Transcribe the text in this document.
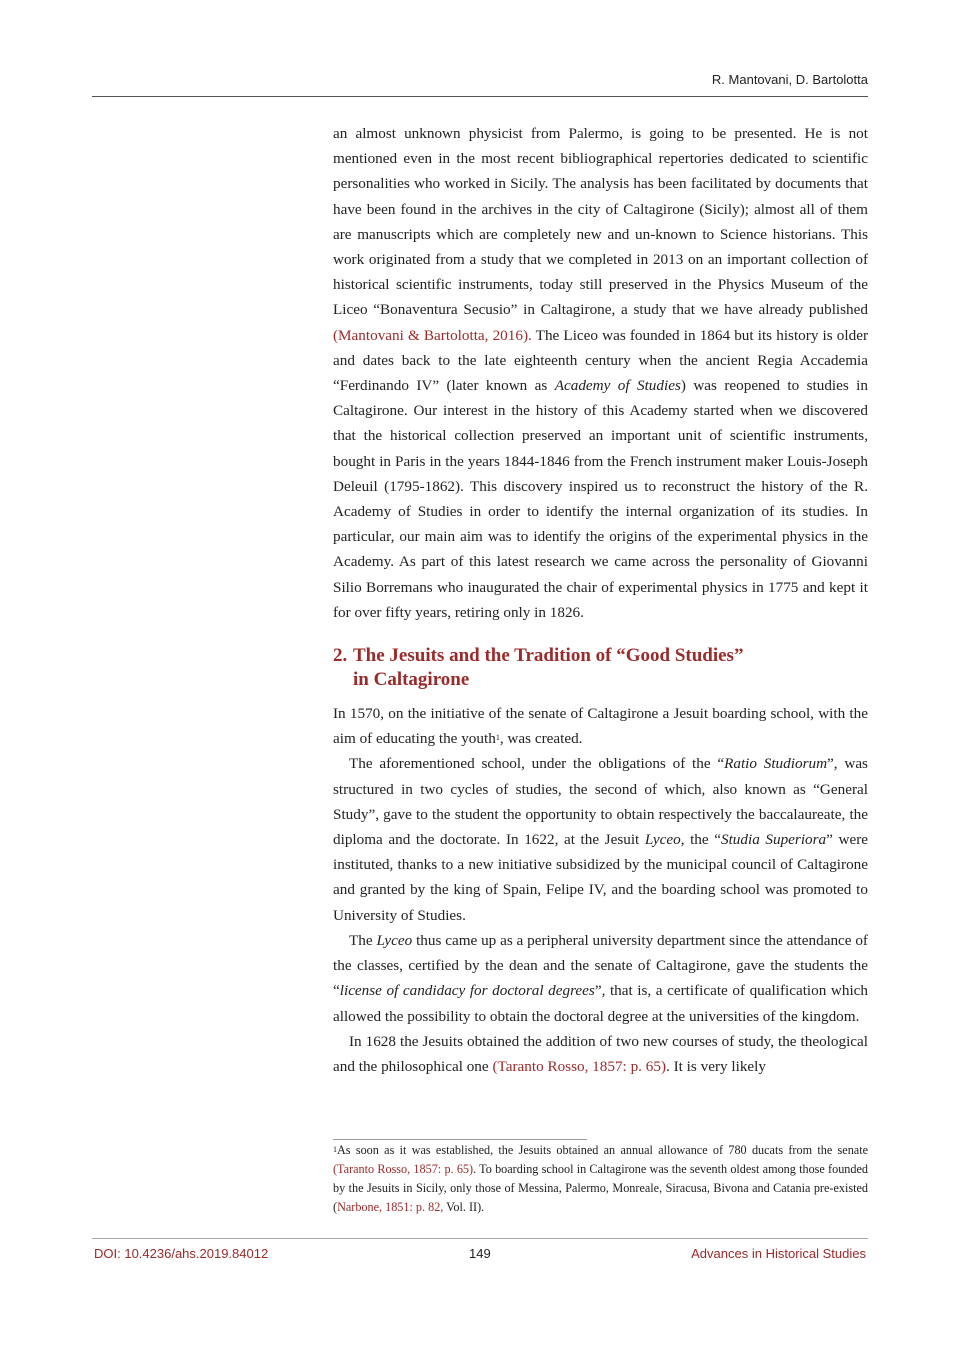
R. Mantovani, D. Bartolotta

an almost unknown physicist from Palermo, is going to be presented. He is not mentioned even in the most recent bibliographical repertories dedicated to scientific personalities who worked in Sicily. The analysis has been facilitated by documents that have been found in the archives in the city of Caltagirone (Sicily); almost all of them are manuscripts which are completely new and un-known to Science historians. This work originated from a study that we completed in 2013 on an important collection of historical scientific instruments, today still preserved in the Physics Museum of the Liceo “Bonaventura Secusio” in Caltagirone, a study that we have already published (Mantovani & Bartolotta, 2016). The Liceo was founded in 1864 but its history is older and dates back to the late eighteenth century when the ancient Regia Accademia “Ferdinando IV” (later known as Academy of Studies) was reopened to studies in Caltagirone. Our interest in the history of this Academy started when we discovered that the historical collection preserved an important unit of scientific instruments, bought in Paris in the years 1844-1846 from the French instrument maker Louis-Joseph Deleuil (1795-1862). This discovery inspired us to reconstruct the history of the R. Academy of Studies in order to identify the internal organization of its studies. In particular, our main aim was to identify the origins of the experimental physics in the Academy. As part of this latest research we came across the personality of Giovanni Silio Borremans who inaugurated the chair of experimental physics in 1775 and kept it for over fifty years, retiring only in 1826.

2. The Jesuits and the Tradition of “Good Studies”
in Caltagirone

In 1570, on the initiative of the senate of Caltagirone a Jesuit boarding school, with the aim of educating the youth$^1$, was created.

The aforementioned school, under the obligations of the “Ratio Studiorum”, was structured in two cycles of studies, the second of which, also known as “General Study”, gave to the student the opportunity to obtain respectively the baccalaureate, the diploma and the doctorate. In 1622, at the Jesuit Lyceo, the “Studia Superiora” were instituted, thanks to a new initiative subsidized by the municipal council of Caltagirone and granted by the king of Spain, Felipe IV, and the boarding school was promoted to University of Studies.

The Lyceo thus came up as a peripheral university department since the attendance of the classes, certified by the dean and the senate of Caltagirone, gave the students the “license of candidacy for doctoral degrees”, that is, a certificate of qualification which allowed the possibility to obtain the doctoral degree at the universities of the kingdom.

In 1628 the Jesuits obtained the addition of two new courses of study, the theological and the philosophical one (Taranto Rosso, 1857: p. 65). It is very likely

$^1$As soon as it was established, the Jesuits obtained an annual allowance of 780 ducats from the senate (Taranto Rosso, 1857: p. 65). To boarding school in Caltagirone was the seventh oldest among those founded by the Jesuits in Sicily, only those of Messina, Palermo, Monreale, Siracusa, Bivona and Catania pre-existed (Narbone, 1851: p. 82, Vol. II).

DOI: 10.4236/ahs.2019.84012	149	Advances in Historical Studies
